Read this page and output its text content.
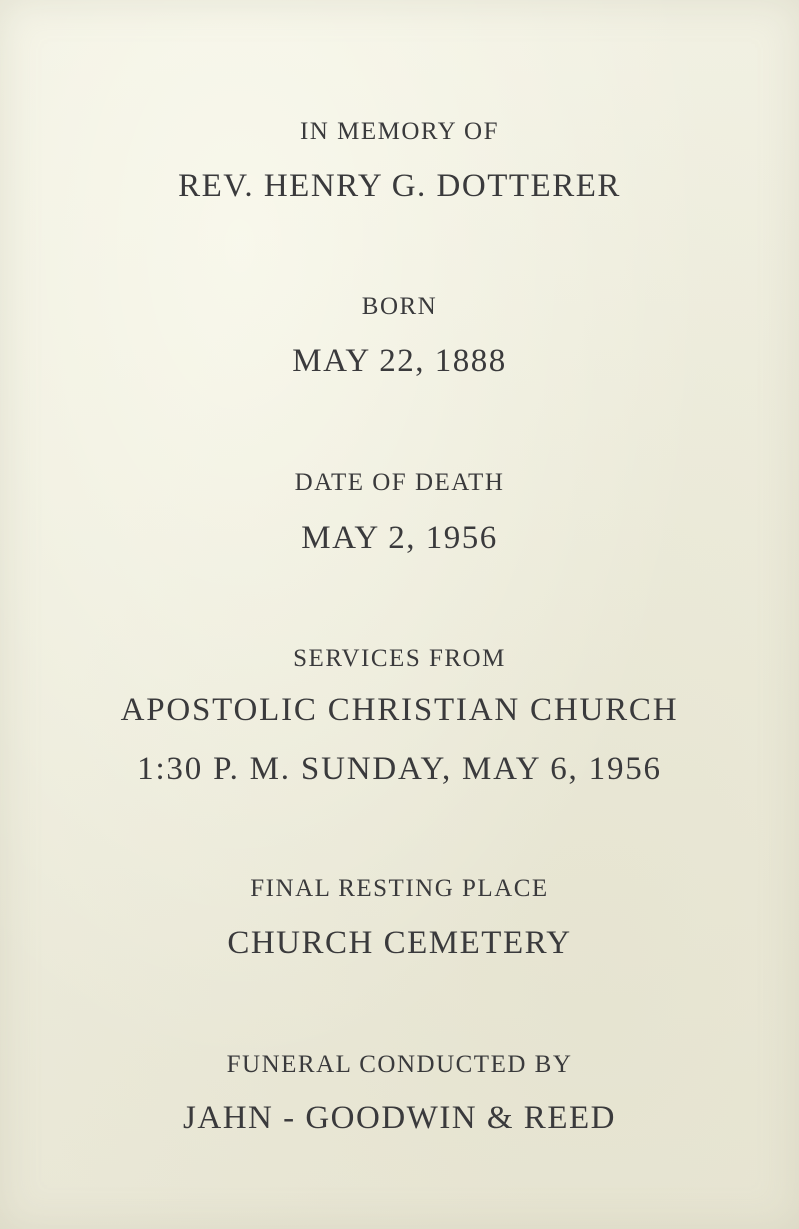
IN MEMORY OF
REV. HENRY G. DOTTERER
BORN
MAY 22, 1888
DATE OF DEATH
MAY 2, 1956
SERVICES FROM
APOSTOLIC CHRISTIAN CHURCH
1:30 P. M. SUNDAY, MAY 6, 1956
FINAL RESTING PLACE
CHURCH CEMETERY
FUNERAL CONDUCTED BY
JAHN - GOODWIN & REED
